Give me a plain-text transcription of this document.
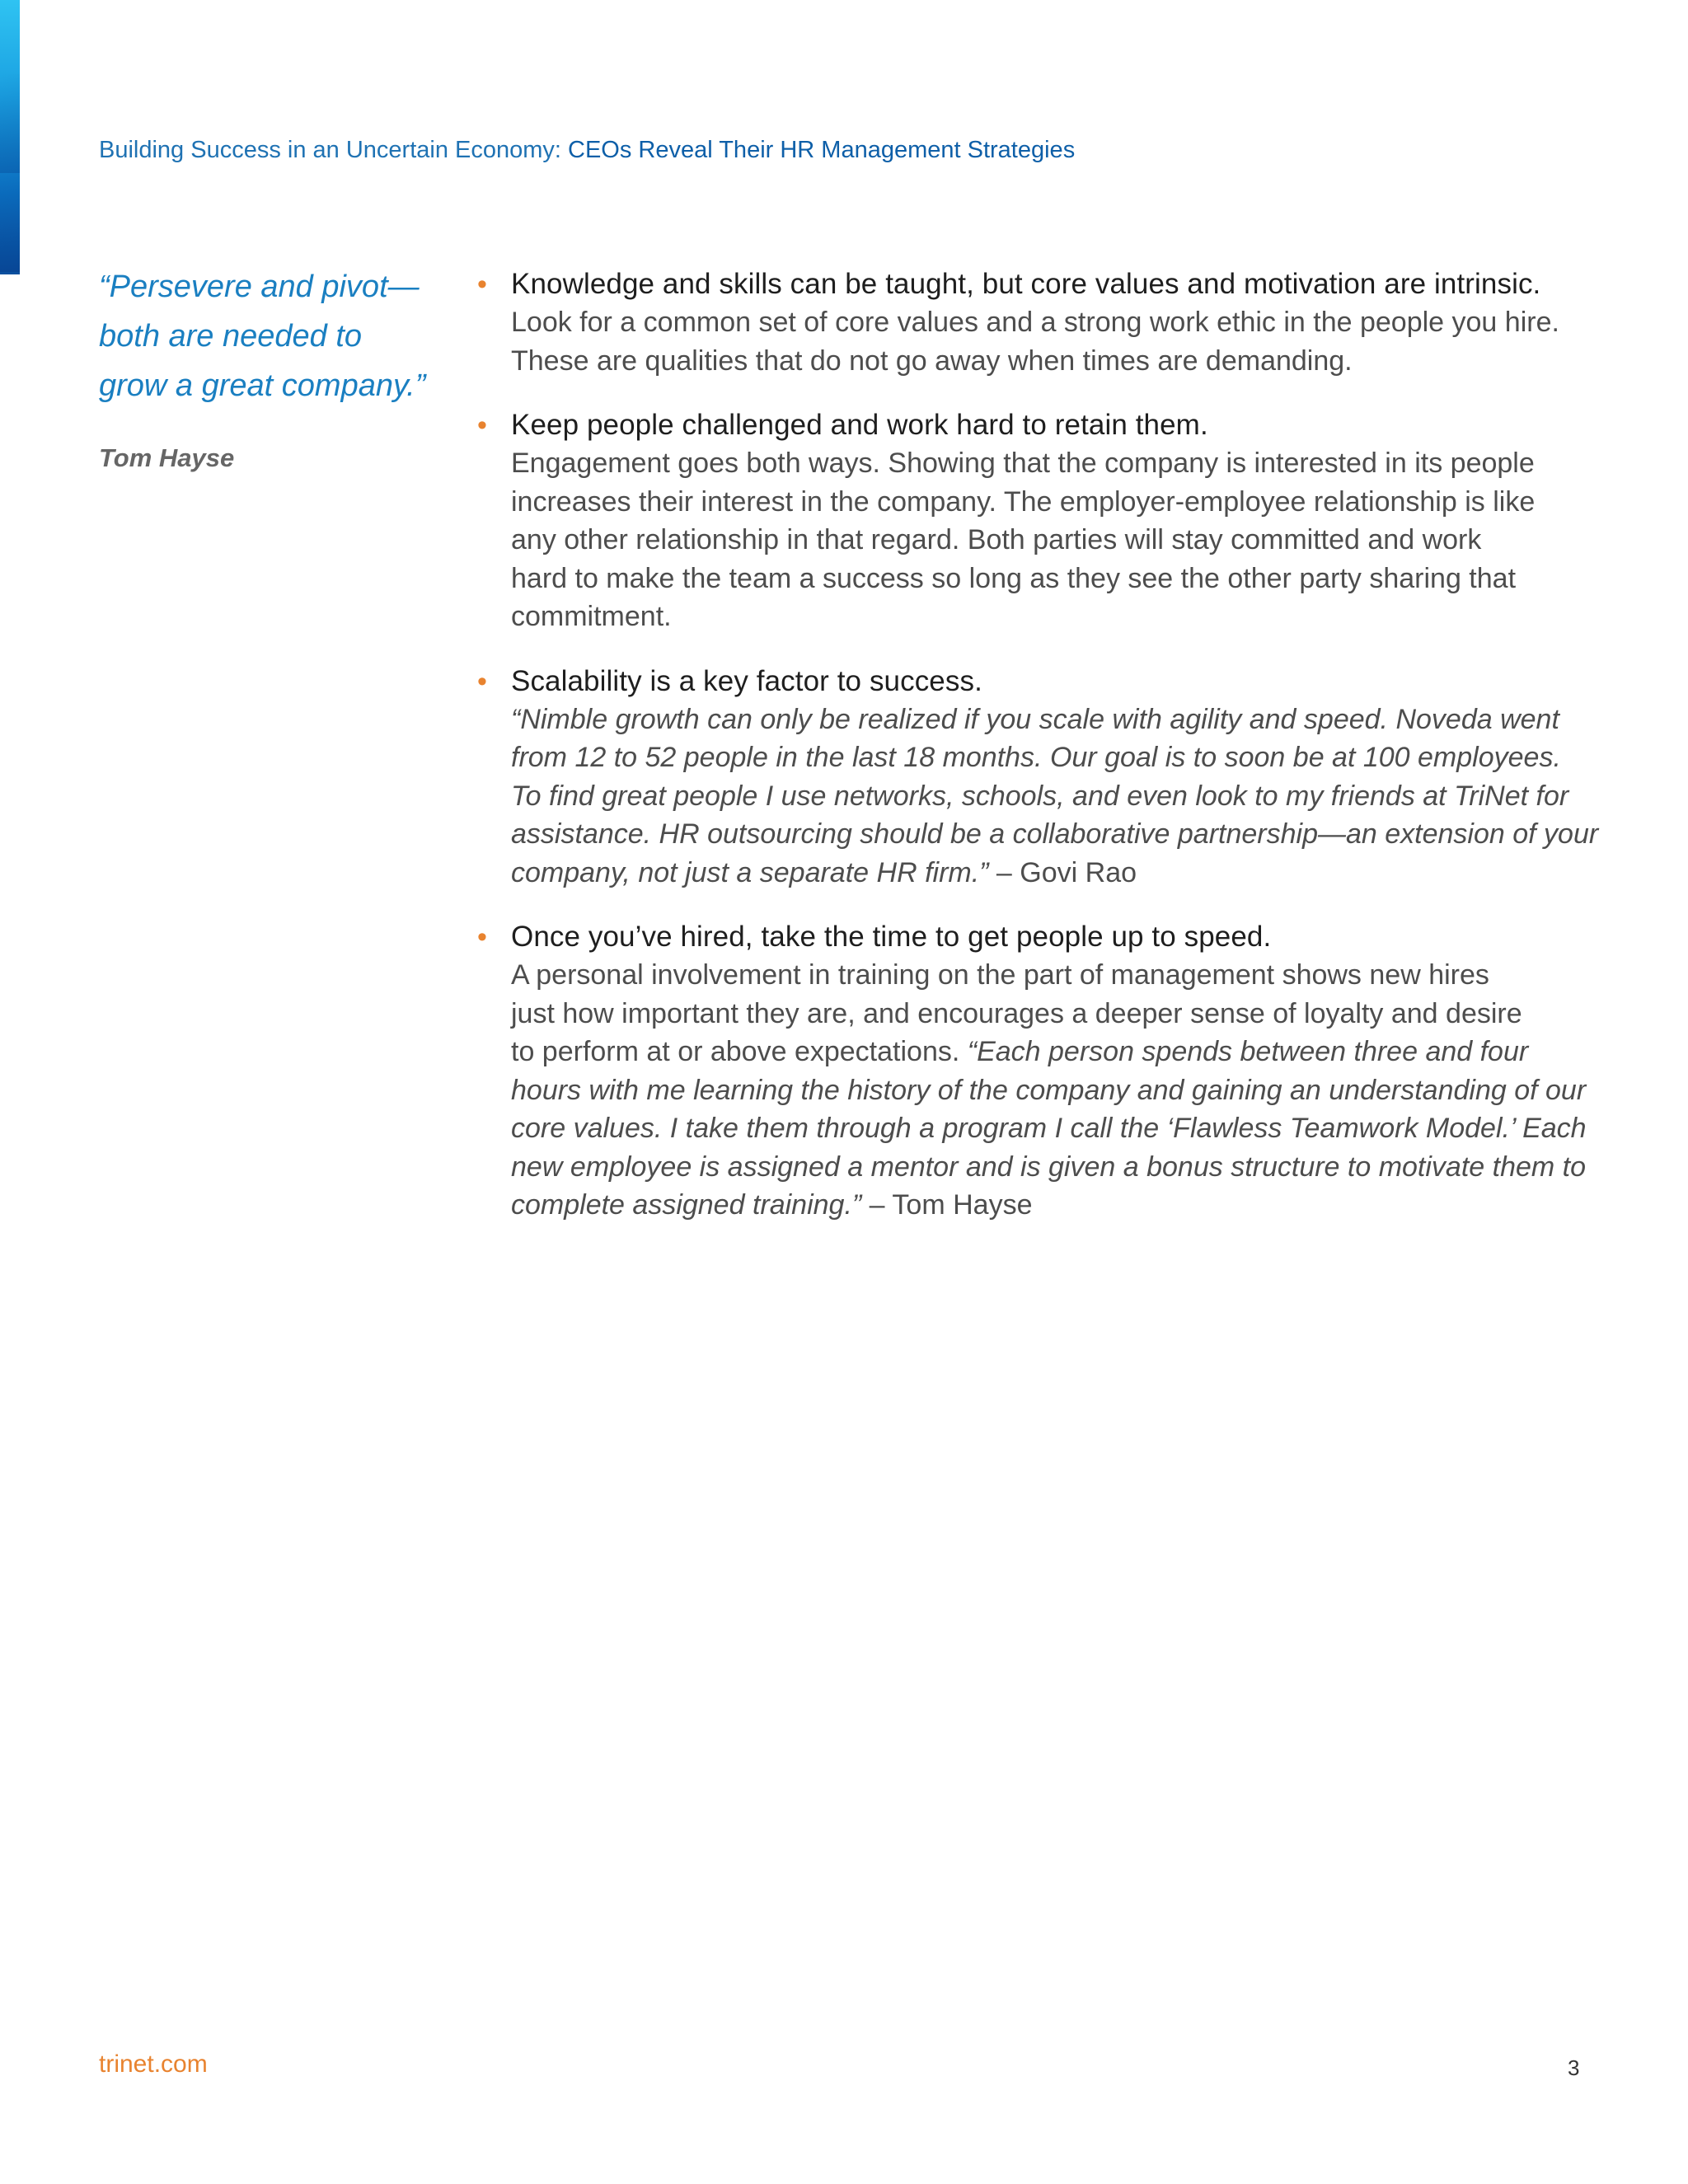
Building Success in an Uncertain Economy: CEOs Reveal Their HR Management Strategies
“Persevere and pivot—
both are needed to
grow a great company.”
Tom Hayse
• Knowledge and skills can be taught, but core values and motivation are intrinsic.
Look for a common set of core values and a strong work ethic in the people you hire.
These are qualities that do not go away when times are demanding.
• Keep people challenged and work hard to retain them.
Engagement goes both ways. Showing that the company is interested in its people
increases their interest in the company. The employer-employee relationship is like
any other relationship in that regard. Both parties will stay committed and work
hard to make the team a success so long as they see the other party sharing that
commitment.
• Scalability is a key factor to success.
“Nimble growth can only be realized if you scale with agility and speed. Noveda went
from 12 to 52 people in the last 18 months. Our goal is to soon be at 100 employees.
To find great people I use networks, schools, and even look to my friends at TriNet for
assistance. HR outsourcing should be a collaborative partnership—an extension of your
company, not just a separate HR firm.” – Govi Rao
• Once you’ve hired, take the time to get people up to speed.
A personal involvement in training on the part of management shows new hires
just how important they are, and encourages a deeper sense of loyalty and desire
to perform at or above expectations. “Each person spends between three and four
hours with me learning the history of the company and gaining an understanding of our
core values. I take them through a program I call the ‘Flawless Teamwork Model.’ Each
new employee is assigned a mentor and is given a bonus structure to motivate them to
complete assigned training.” – Tom Hayse
trinet.com	3
